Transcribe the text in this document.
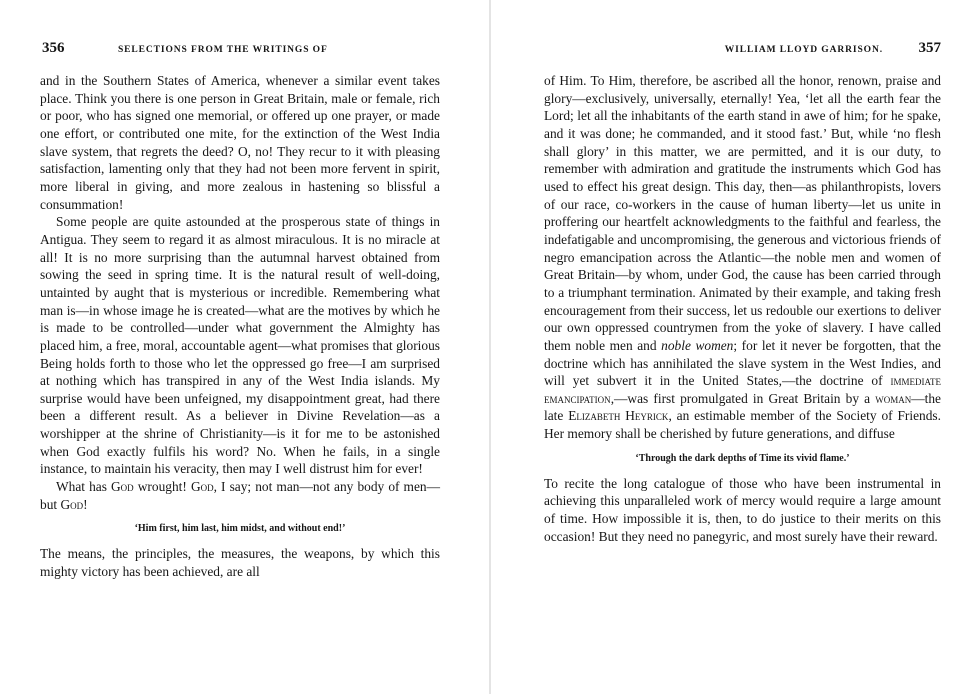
356	SELECTIONS FROM THE WRITINGS OF

and in the Southern States of America, whenever a similar event takes place. Think you there is one person in Great Britain, male or female, rich or poor, who has signed one memorial, or offered up one prayer, or made one effort, or contributed one mite, for the extinction of the West India slave system, that regrets the deed? O, no! They recur to it with pleasing satisfaction, lamenting only that they had not been more fervent in spirit, more liberal in giving, and more zealous in hastening so blissful a consummation!

Some people are quite astounded at the prosperous state of things in Antigua. They seem to regard it as almost miraculous. It is no miracle at all! It is no more surprising than the autumnal harvest obtained from sowing the seed in spring time. It is the natural result of well-doing, untainted by aught that is mysterious or incredible. Remembering what man is—in whose image he is created—what are the motives by which he is made to be controlled—under what government the Almighty has placed him, a free, moral, accountable agent—what promises that glorious Being holds forth to those who let the oppressed go free—I am surprised at nothing which has transpired in any of the West India islands. My surprise would have been unfeigned, my disappointment great, had there been a different result. As a believer in Divine Revelation—as a worshipper at the shrine of Christianity—is it for me to be astonished when God exactly fulfils his word? No. When he fails, in a single instance, to maintain his veracity, then may I well distrust him for ever!

What has God wrought! God, I say; not man—not any body of men—but God!

‘Him first, him last, him midst, and without end!’

The means, the principles, the measures, the weapons, by which this mighty victory has been achieved, are all

WILLIAM LLOYD GARRISON. 357

of Him. To Him, therefore, be ascribed all the honor, renown, praise and glory—exclusively, universally, eternally! Yea, ‘let all the earth fear the Lord; let all the inhabitants of the earth stand in awe of him; for he spake, and it was done; he commanded, and it stood fast.’ But, while ‘no flesh shall glory’ in this matter, we are permitted, and it is our duty, to remember with admiration and gratitude the instruments which God has used to effect his great design. This day, then—as philanthropists, lovers of our race, co-workers in the cause of human liberty—let us unite in proffering our heartfelt acknowledgments to the faithful and fearless, the indefatigable and uncompromising, the generous and victorious friends of negro emancipation across the Atlantic—the noble men and women of Great Britain—by whom, under God, the cause has been carried through to a triumphant termination. Animated by their example, and taking fresh encouragement from their success, let us redouble our exertions to deliver our own oppressed countrymen from the yoke of slavery. I have called them noble men and noble women; for let it never be forgotten, that the doctrine which has annihilated the slave system in the West Indies, and will yet subvert it in the United States,—the doctrine of immediate emancipation,—was first promulgated in Great Britain by a woman—the late Elizabeth Heyrick, an estimable member of the Society of Friends. Her memory shall be cherished by future generations, and diffuse

‘Through the dark depths of Time its vivid flame.’

To recite the long catalogue of those who have been instrumental in achieving this unparalleled work of mercy would require a large amount of time. How impossible it is, then, to do justice to their merits on this occasion! But they need no panegyric, and most surely have their reward.
